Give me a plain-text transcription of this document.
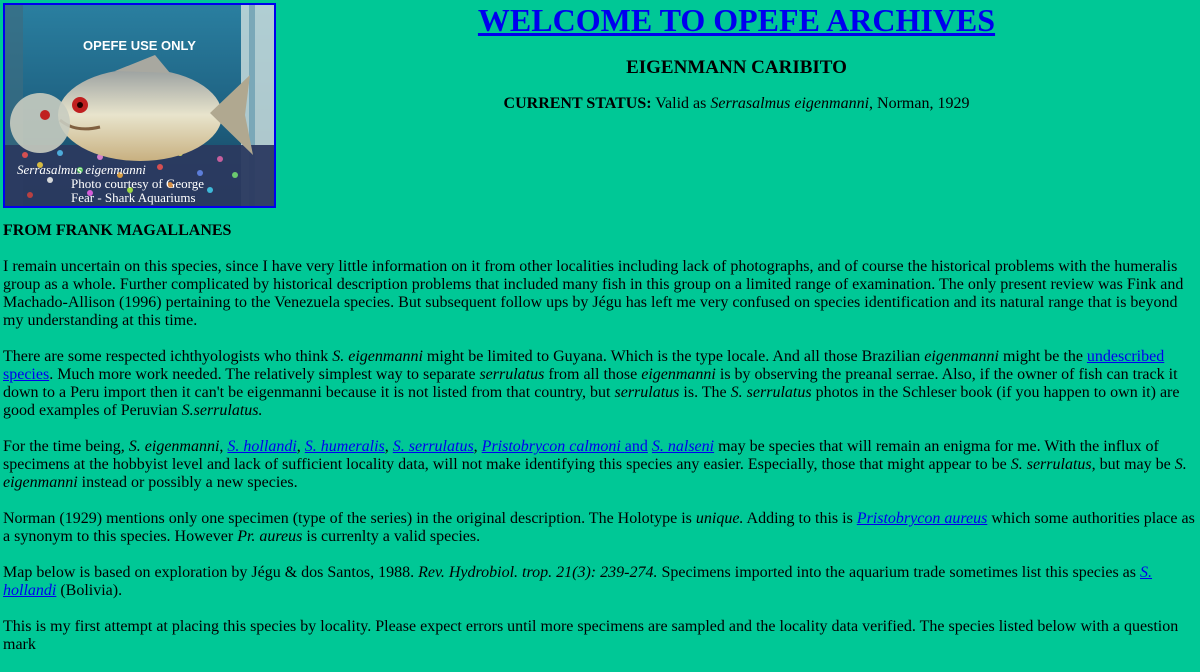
OPEFE USE ONLY
Serrasalmus eigenmanni
Photo courtesy of George
Fear - Shark Aquariums
WELCOME TO OPEFE ARCHIVES
EIGENMANN CARIBITO
CURRENT STATUS: Valid as Serrasalmus eigenmanni, Norman, 1929

FROM FRANK MAGALLANES

I remain uncertain on this species, since I have very little information on it from other localities including lack of photographs, and of course the historical problems with the humeralis group as a whole. Further complicated by historical description problems that included many fish in this group on a limited range of examination. The only present review was Fink and Machado-Allison (1996) pertaining to the Venezuela species. But subsequent follow ups by Jégu has left me very confused on species identification and its natural range that is beyond my understanding at this time.

There are some respected ichthyologists who think S. eigenmanni might be limited to Guyana. Which is the type locale. And all those Brazilian eigenmanni might be the undescribed species. Much more work needed. The relatively simplest way to separate serrulatus from all those eigenmanni is by observing the preanal serrae. Also, if the owner of fish can track it down to a Peru import then it can't be eigenmanni because it is not listed from that country, but serrulatus is. The S. serrulatus photos in the Schleser book (if you happen to own it) are good examples of Peruvian S.serrulatus.

For the time being, S. eigenmanni, S. hollandi, S. humeralis, S. serrulatus, Pristobrycon calmoni and S. nalseni may be species that will remain an enigma for me. With the influx of specimens at the hobbyist level and lack of sufficient locality data, will not make identifying this species any easier. Especially, those that might appear to be S. serrulatus, but may be S. eigenmanni instead or possibly a new species.

Norman (1929) mentions only one specimen (type of the series) in the original description. The Holotype is unique. Adding to this is Pristobrycon aureus which some authorities place as a synonym to this species. However Pr. aureus is currenlty a valid species.

Map below is based on exploration by Jégu & dos Santos, 1988. Rev. Hydrobiol. trop. 21(3): 239-274. Specimens imported into the aquarium trade sometimes list this species as S. hollandi (Bolivia).

This is my first attempt at placing this species by locality. Please expect errors until more specimens are sampled and the locality data verified. The species listed below with a question mark
